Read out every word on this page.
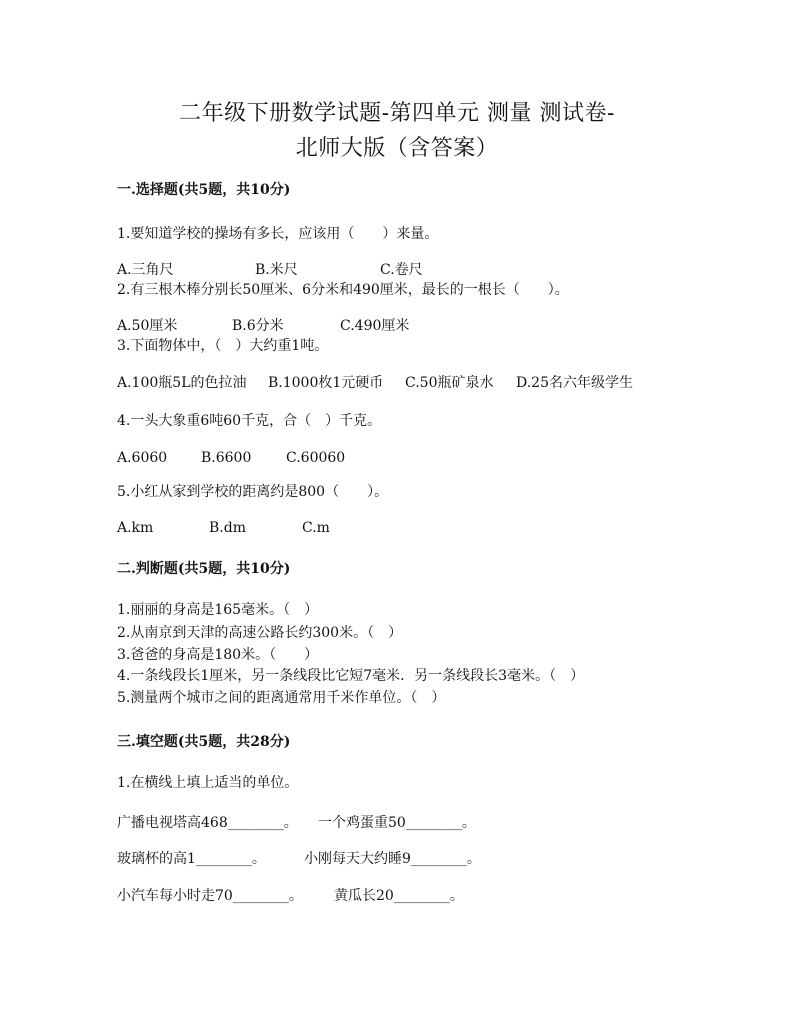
二年级下册数学试题-第四单元 测量 测试卷-
北师大版（含答案）
一.选择题(共5题，共10分)
1.要知道学校的操场有多长，应该用（　　）来量。
A.三角尺	B.米尺	C.卷尺
2.有三根木棒分别长50厘米、6分米和490厘米，最长的一根长（　　）。
A.50厘米	B.6分米	C.490厘米
3.下面物体中，（　）大约重1吨。
A.100瓶5L的色拉油 B.1000枚1元硬币 C.50瓶矿泉水 D.25名六年级学生
4.一头大象重6吨60千克，合（　）千克。
A.6060 B.6600 C.60060
5.小红从家到学校的距离约是800（　　）。
A.km	B.dm	C.m
二.判断题(共5题，共10分)
1.丽丽的身高是165毫米。（　）
2.从南京到天津的高速公路长约300米。（　）
3.爸爸的身高是180米。（　　）
4.一条线段长1厘米，另一条线段比它短7毫米．另一条线段长3毫米。（　）
5.测量两个城市之间的距离通常用千米作单位。（　）
三.填空题(共5题，共28分)
1.在横线上填上适当的单位。
广播电视塔高468________。 一个鸡蛋重50________。
玻璃杯的高1________。	小刚每天大约睡9________。
小汽车每小时走70________。 黄瓜长20________。
